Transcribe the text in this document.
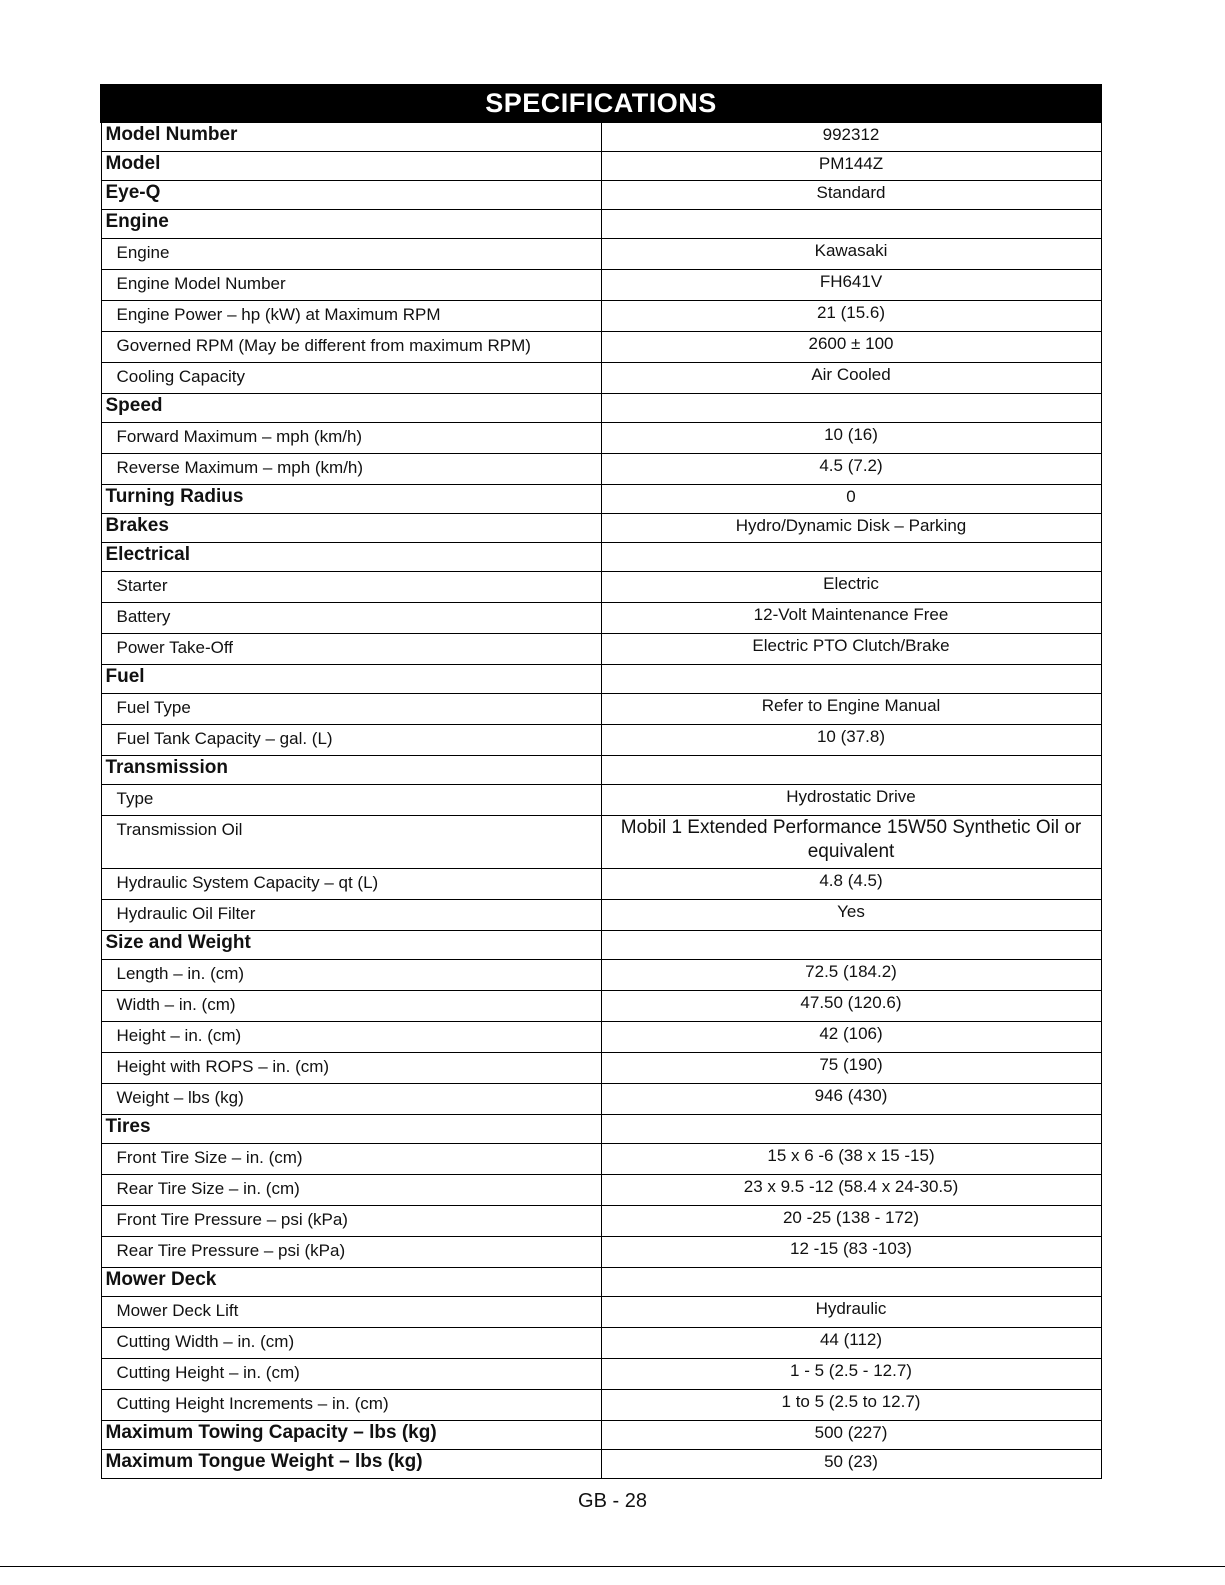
SPECIFICATIONS	
Model Number	992312
Model	PM144Z
Eye-Q	Standard
Engine	
Engine	Kawasaki
Engine Model Number	FH641V
Engine Power – hp (kW) at Maximum RPM	21 (15.6)
Governed RPM (May be different from maximum RPM)	2600 ± 100
Cooling Capacity	Air Cooled
Speed	
Forward Maximum – mph (km/h)	10 (16)
Reverse Maximum – mph (km/h)	4.5 (7.2)
Turning Radius	0
Brakes	Hydro/Dynamic Disk – Parking
Electrical	
Starter	Electric
Battery	12-Volt Maintenance Free
Power Take-Off	Electric PTO Clutch/Brake
Fuel	
Fuel Type	Refer to Engine Manual
Fuel Tank Capacity – gal. (L)	10 (37.8)
Transmission	
Type	Hydrostatic Drive
Transmission Oil	Mobil 1 Extended Performance 15W50 Synthetic Oil or equivalent
Hydraulic System Capacity – qt (L)	4.8 (4.5)
Hydraulic Oil Filter	Yes
Size and Weight	
Length – in. (cm)	72.5 (184.2)
Width – in. (cm)	47.50 (120.6)
Height – in. (cm)	42 (106)
Height with ROPS – in. (cm)	75 (190)
Weight – lbs (kg)	946 (430)
Tires	
Front Tire Size – in. (cm)	15 x 6 -6 (38 x 15 -15)
Rear Tire Size – in. (cm)	23 x 9.5 -12 (58.4 x 24-30.5)
Front Tire Pressure – psi (kPa)	20 -25 (138 - 172)
Rear Tire Pressure – psi (kPa)	12 -15 (83 -103)
Mower Deck	
Mower Deck Lift	Hydraulic
Cutting Width – in. (cm)	44 (112)
Cutting Height – in. (cm)	1 - 5 (2.5 - 12.7)
Cutting Height Increments – in. (cm)	1 to 5 (2.5 to 12.7)
Maximum Towing Capacity – lbs (kg)	500 (227)
Maximum Tongue Weight – lbs (kg)	50 (23)
GB - 28
